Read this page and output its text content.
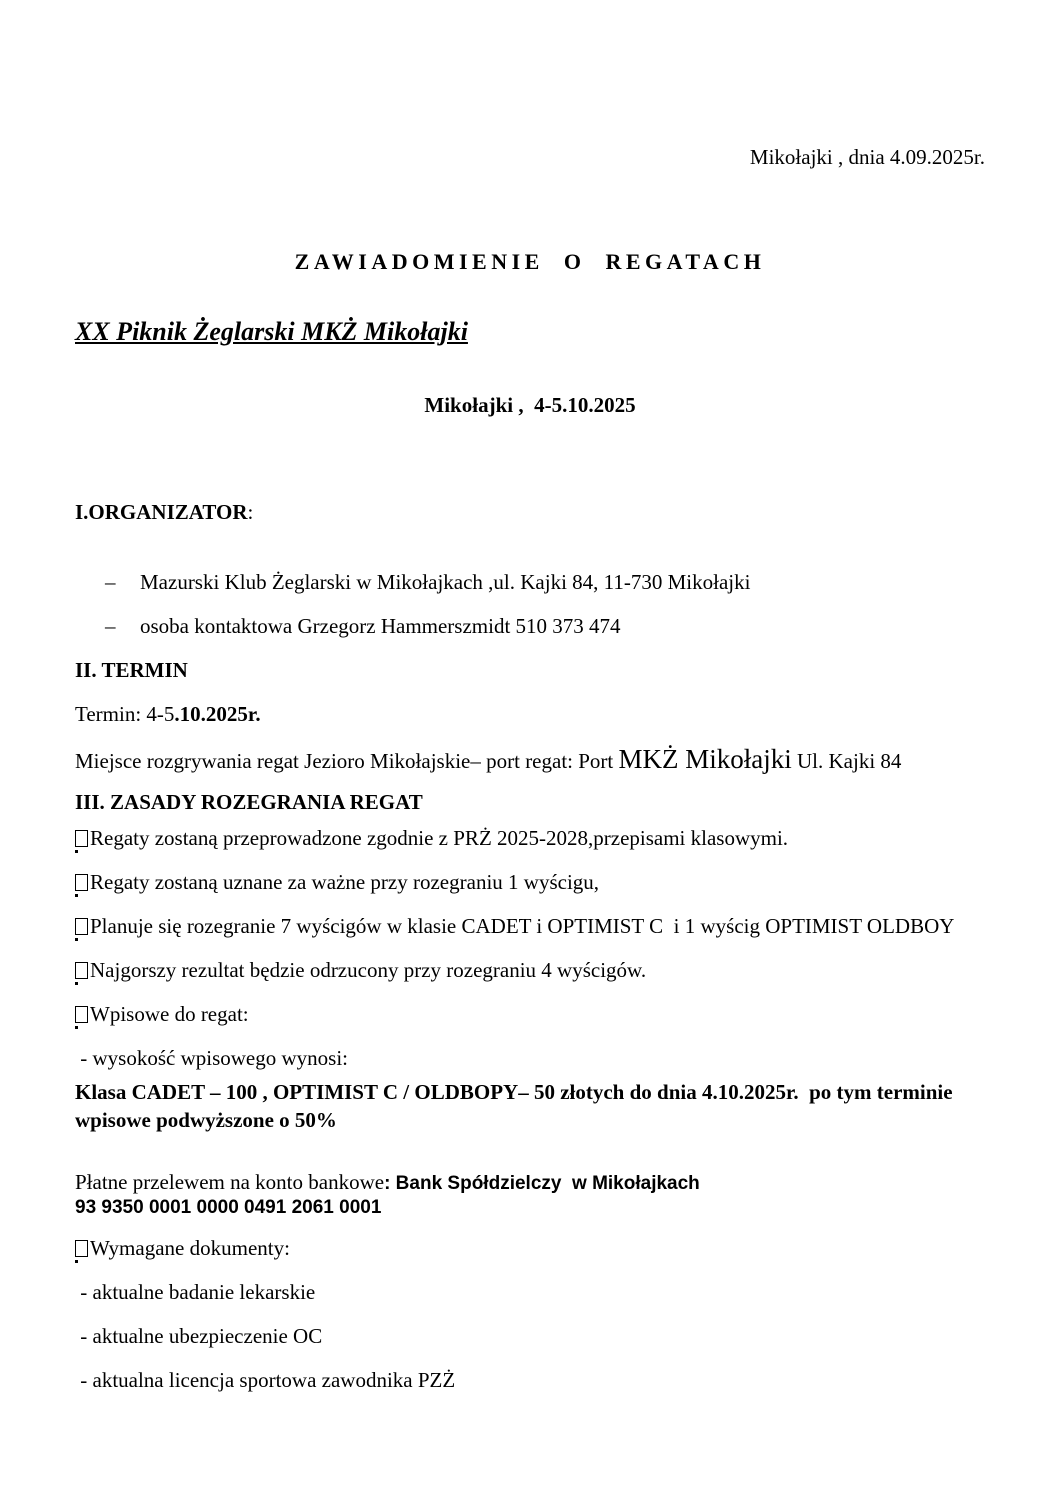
Mikołajki , dnia 4.09.2025r.
ZAWIADOMIENIE O REGATACH
XX Piknik Żeglarski MKŻ Mikołajki
Mikołajki ,  4-5.10.2025
I.ORGANIZATOR:
–	Mazurski Klub Żeglarski w Mikołajkach ,ul. Kajki 84, 11-730 Mikołajki
–	osoba kontaktowa Grzegorz Hammerszmidt 510 373 474
II. TERMIN
Termin: 4-5.10.2025r.
Miejsce rozgrywania regat Jezioro Mikołajskie– port regat: Port MKŻ Mikołajki Ul. Kajki 84
III. ZASADY ROZEGRANIA REGAT
Regaty zostaną przeprowadzone zgodnie z PRŻ 2025-2028,przepisami klasowymi.
Regaty zostaną uznane za ważne przy rozegraniu 1 wyścigu,
Planuje się rozegranie 7 wyścigów w klasie CADET i OPTIMIST C  i 1 wyścig OPTIMIST OLDBOY
Najgorszy rezultat będzie odrzucony przy rozegraniu 4 wyścigów.
Wpisowe do regat:
- wysokość wpisowego wynosi:
Klasa CADET – 100 , OPTIMIST C / OLDBOPY– 50 złotych do dnia 4.10.2025r.  po tym terminie wpisowe podwyższone o 50%
Płatne przelewem na konto bankowe: Bank Spółdzielczy  w Mikołajkach
93 9350 0001 0000 0491 2061 0001
Wymagane dokumenty:
- aktualne badanie lekarskie
- aktualne ubezpieczenie OC
- aktualna licencja sportowa zawodnika PZŻ
